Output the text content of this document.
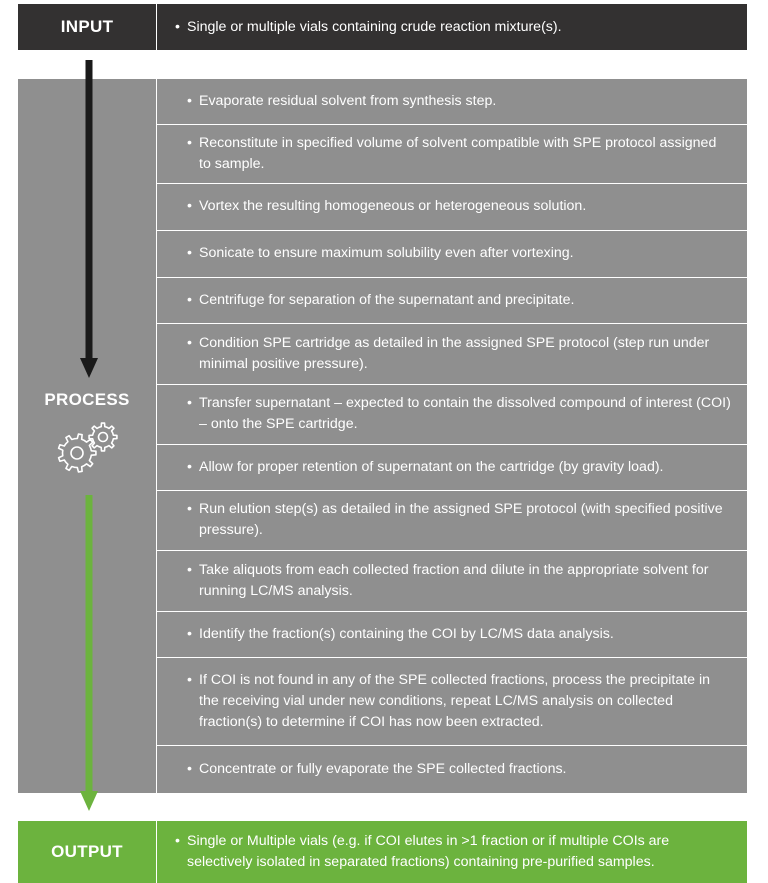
INPUT
•	Single or multiple vials containing crude reaction mixture(s).
PROCESS
• Evaporate residual solvent from synthesis step.
• Reconstitute in specified volume of solvent compatible with SPE protocol assigned to sample.
• Vortex the resulting homogeneous or heterogeneous solution.
• Sonicate to ensure maximum solubility even after vortexing.
• Centrifuge for separation of the supernatant and precipitate.
• Condition SPE cartridge as detailed in the assigned SPE protocol (step run under minimal positive pressure).
• Transfer supernatant – expected to contain the dissolved compound of interest (COI) – onto the SPE cartridge.
• Allow for proper retention of supernatant on the cartridge (by gravity load).
• Run elution step(s) as detailed in the assigned SPE protocol (with specified positive pressure).
• Take aliquots from each collected fraction and dilute in the appropriate solvent for running LC/MS analysis.
• Identify the fraction(s) containing the COI by LC/MS data analysis.
• If COI is not found in any of the SPE collected fractions, process the precipitate in the receiving vial under new conditions, repeat LC/MS analysis on collected fraction(s) to determine if COI has now been extracted.
• Concentrate or fully evaporate the SPE collected fractions.
OUTPUT
• Single or Multiple vials (e.g. if COI elutes in >1 fraction or if multiple COIs are selectively isolated in separated fractions) containing pre-purified samples.
